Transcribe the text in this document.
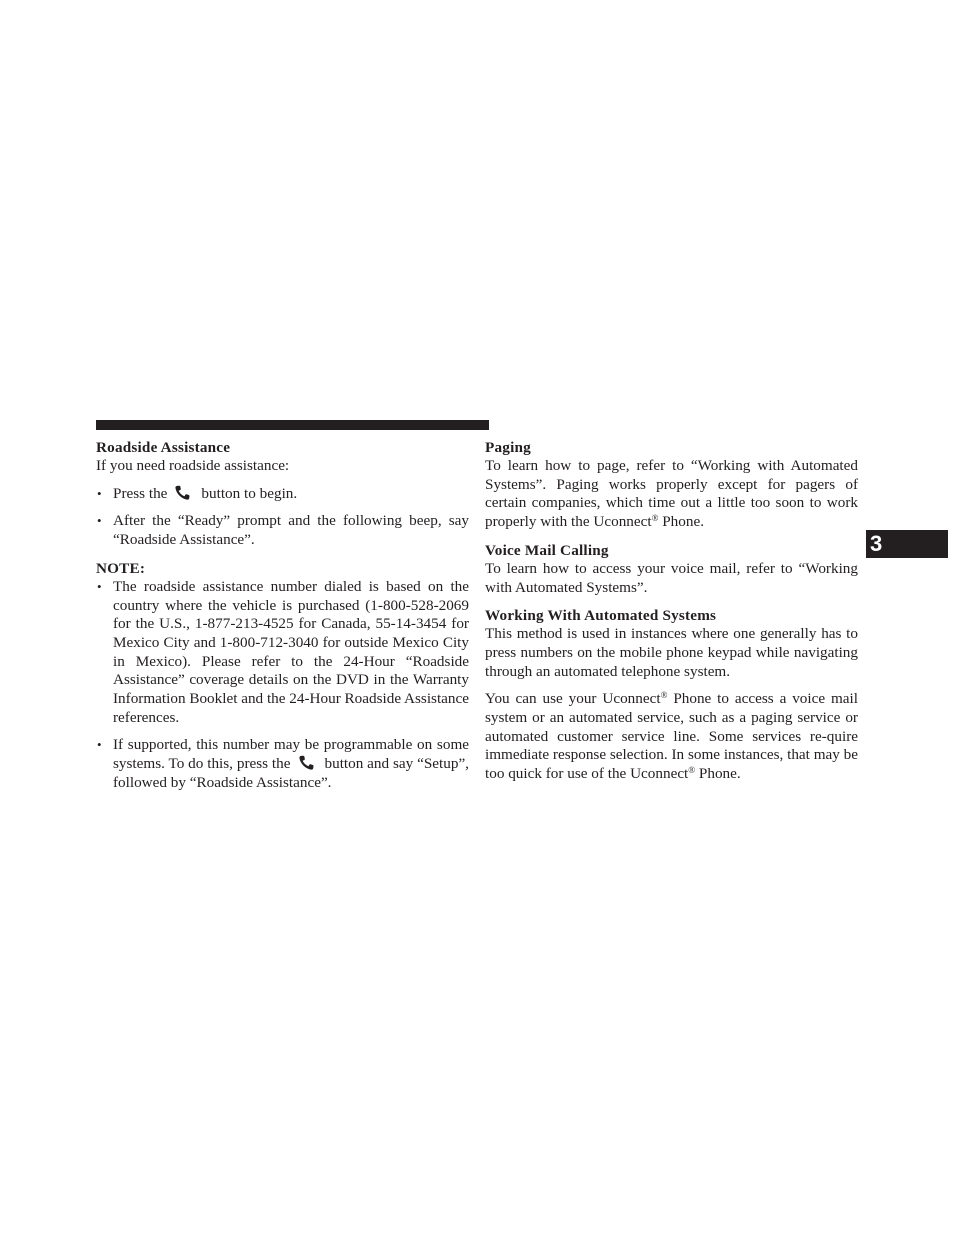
Roadside Assistance

If you need roadside assistance:

• Press the button to begin.
• After the “Ready” prompt and the following beep, say “Roadside Assistance”.
NOTE:
• The roadside assistance number dialed is based on the country where the vehicle is purchased (1-800-528-2069 for the U.S., 1-877-213-4525 for Canada, 55-14-3454 for Mexico City and 1-800-712-3040 for outside Mexico City in Mexico). Please refer to the 24-Hour “Roadside Assistance” coverage details on the DVD in the Warranty Information Booklet and the 24-Hour Roadside Assistance references.
• If supported, this number may be programmable on some systems. To do this, press the button and say “Setup”, followed by “Roadside Assistance”.
Paging

To learn how to page, refer to “Working with Automated Systems”. Paging works properly except for pagers of certain companies, which time out a little too soon to work properly with the Uconnect® Phone.

Voice Mail Calling

To learn how to access your voice mail, refer to “Working with Automated Systems”.

Working With Automated Systems

This method is used in instances where one generally has to press numbers on the mobile phone keypad while navigating through an automated telephone system.

You can use your Uconnect® Phone to access a voice mail system or an automated service, such as a paging service or automated customer service line. Some services re-quire immediate response selection. In some instances, that may be too quick for use of the Uconnect® Phone.

3
